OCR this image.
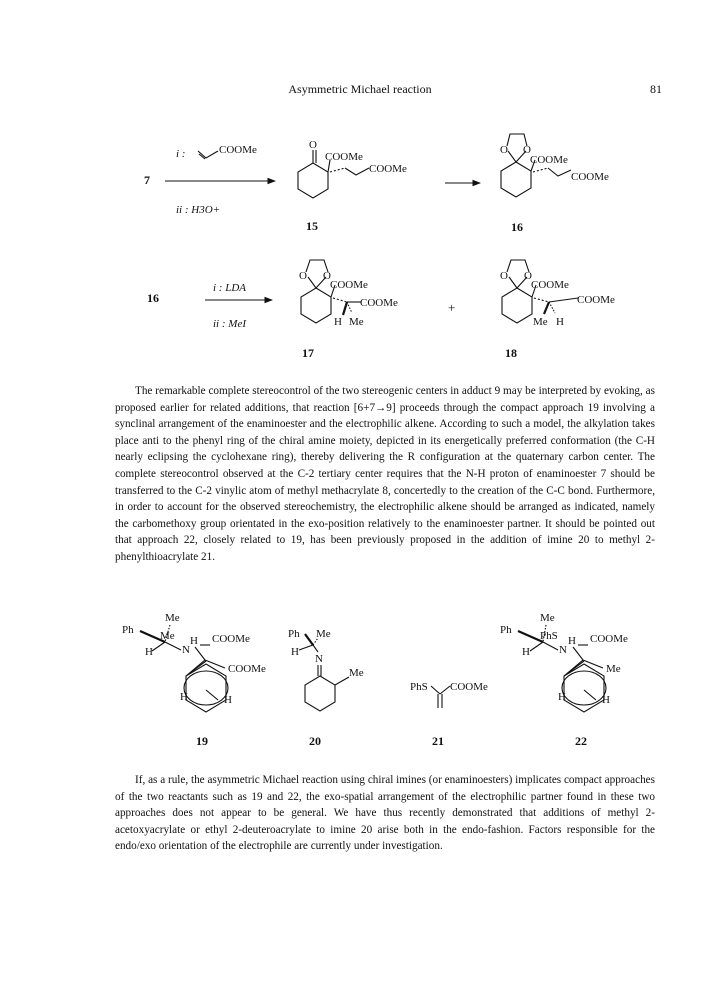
Asymmetric Michael reaction	81
i :	COOMe
7
ii : H3O+
O
COOMe
COOMe
15
O O
COOMe
COOMe
16
16
i : LDA
ii : MeI
O O
COOMe
COOMe
H Me
17
+
O O
COOMe
COOMe
Me H
18
Ph
Me
Me
H	N
H COOMe
COOMe
H	H
19
Ph Me
H
N
Me
20
PhS COOMe
21
Ph
Me
PhS
H	N
H COOMe
Me
H	H
22

The remarkable complete stereocontrol of the two stereogenic centers in adduct 9 may be interpreted by evoking, as proposed earlier for related additions, that reaction [6+7→9] proceeds through the compact approach 19 involving a synclinal arrangement of the enaminoester and the electrophilic alkene. According to such a model, the alkylation takes place anti to the phenyl ring of the chiral amine moiety, depicted in its energetically preferred conformation (the C-H nearly eclipsing the cyclohexane ring), thereby delivering the R configuration at the quaternary carbon center. The complete stereocontrol observed at the C-2 tertiary center requires that the N-H proton of enaminoester 7 should be transferred to the C-2 vinylic atom of methyl methacrylate 8, concertedly to the creation of the C-C bond. Furthermore, in order to account for the observed stereochemistry, the electrophilic alkene should be arranged as indicated, namely the carbomethoxy group orientated in the exo-position relatively to the enaminoester partner. It should be pointed out that approach 22, closely related to 19, has been previously proposed in the addition of imine 20 to methyl 2-phenylthioacrylate 21.

If, as a rule, the asymmetric Michael reaction using chiral imines (or enaminoesters) implicates compact approaches of the two reactants such as 19 and 22, the exo-spatial arrangement of the electrophilic partner found in these two approaches does not appear to be general. We have thus recently demonstrated that additions of methyl 2-acetoxyacrylate or ethyl 2-deuteroacrylate to imine 20 arise both in the endo-fashion. Factors responsible for the endo/exo orientation of the electrophile are currently under investigation.
